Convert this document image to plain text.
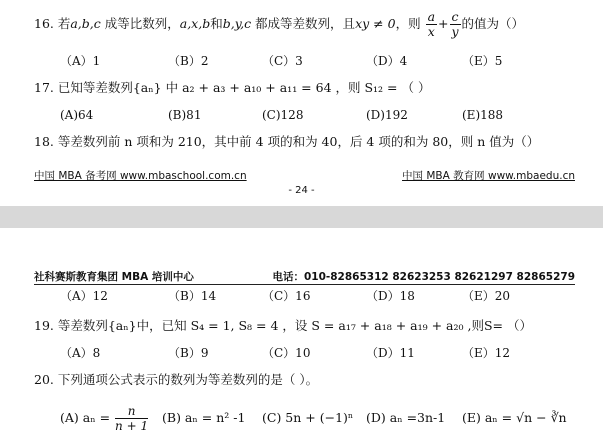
16. 若a,b,c 成等比数列，a,x,b和b,y,c 都成等差数列，且xy ≠ 0，则 $\frac{a}{x} + \frac{c}{y}$ 的值为（）
（A）1	（B）2	（C）3	（D）4	（E）5
17. 已知等差数列{aₙ} 中 a₂ + a₃ + a₁₀ + a₁₁ = 64 ，则 S₁₂ = （ ）
(A)64	(B)81	(C)128	(D)192	(E)188
18. 等差数列前 n 项和为 210，其中前 4 项的和为 40，后 4 项的和为 80，则 n 值为（）
中国 MBA 备考网 www.mbaschool.com.cn	中国 MBA 教育网 www.mbaedu.cn
- 24 -
社科赛斯教育集团 MBA 培训中心	电话：010-82865312 82623253 82621297 82865279
（A）12	（B）14	（C）16	（D）18	（E）20
19. 等差数列{aₙ}中，已知 S₄ = 1, S₈ = 4 ，设 S = a₁₇ + a₁₈ + a₁₉ + a₂₀ ,则S= （）
（A）8	（B）9	（C）10	（D）11	（E）12
20. 下列通项公式表示的数列为等差数列的是（ ）。
(A) $a_n = \frac{n}{n + 1} (B) a_n = n^2$ -1 (C) 5n + (−1)ⁿ (D) aₙ =3n-1 (E) aₙ = √n − ∛n
